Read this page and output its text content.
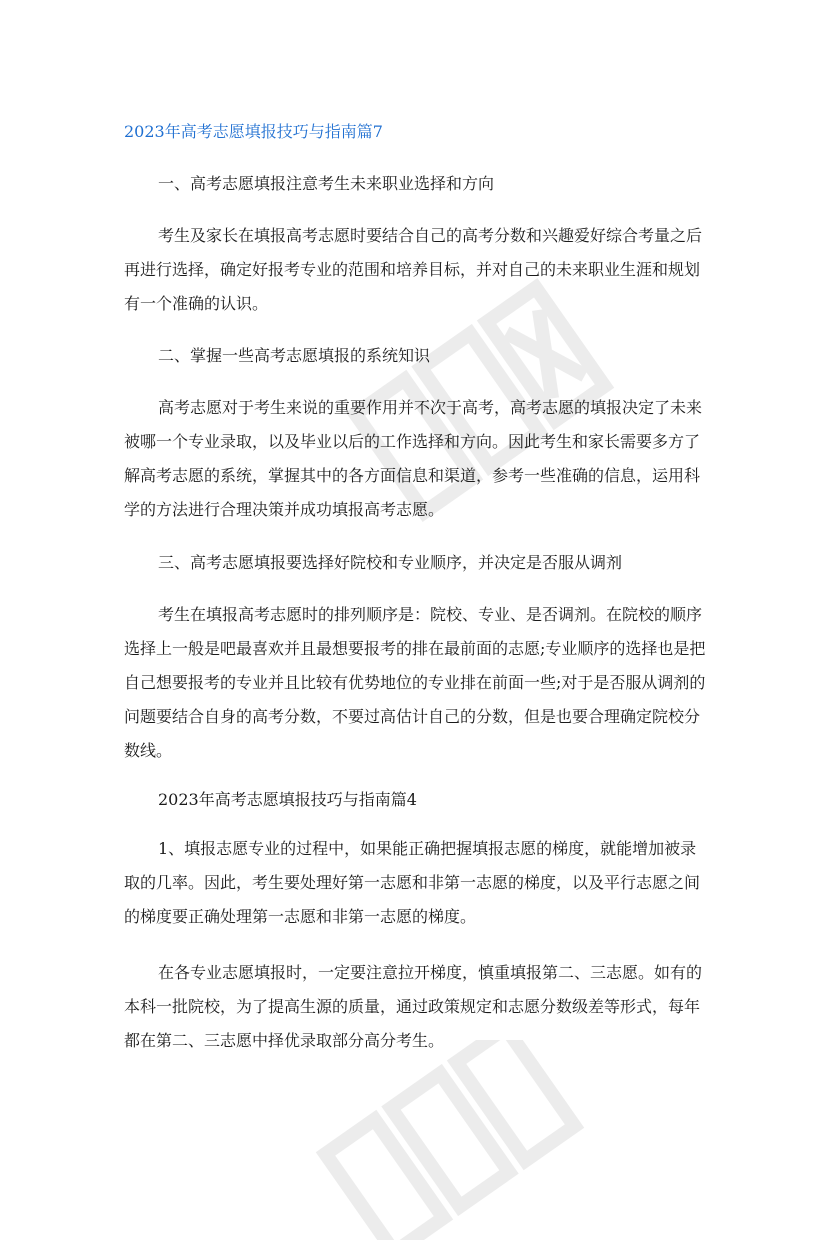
2023年高考志愿填报技巧与指南篇7

一、高考志愿填报注意考生未来职业选择和方向

考生及家长在填报高考志愿时要结合自己的高考分数和兴趣爱好综合考量之后再进行选择，确定好报考专业的范围和培养目标，并对自己的未来职业生涯和规划有一个准确的认识。

二、掌握一些高考志愿填报的系统知识

高考志愿对于考生来说的重要作用并不次于高考，高考志愿的填报决定了未来被哪一个专业录取，以及毕业以后的工作选择和方向。因此考生和家长需要多方了解高考志愿的系统，掌握其中的各方面信息和渠道，参考一些准确的信息，运用科学的方法进行合理决策并成功填报高考志愿。

三、高考志愿填报要选择好院校和专业顺序，并决定是否服从调剂

考生在填报高考志愿时的排列顺序是：院校、专业、是否调剂。在院校的顺序选择上一般是吧最喜欢并且最想要报考的排在最前面的志愿;专业顺序的选择也是把自己想要报考的专业并且比较有优势地位的专业排在前面一些;对于是否服从调剂的问题要结合自身的高考分数，不要过高估计自己的分数，但是也要合理确定院校分数线。

2023年高考志愿填报技巧与指南篇4

1、填报志愿专业的过程中，如果能正确把握填报志愿的梯度，就能增加被录取的几率。因此，考生要处理好第一志愿和非第一志愿的梯度，以及平行志愿之间的梯度要正确处理第一志愿和非第一志愿的梯度。

在各专业志愿填报时，一定要注意拉开梯度，慎重填报第二、三志愿。如有的本科一批院校，为了提高生源的质量，通过政策规定和志愿分数级差等形式，每年都在第二、三志愿中择优录取部分高分考生。
